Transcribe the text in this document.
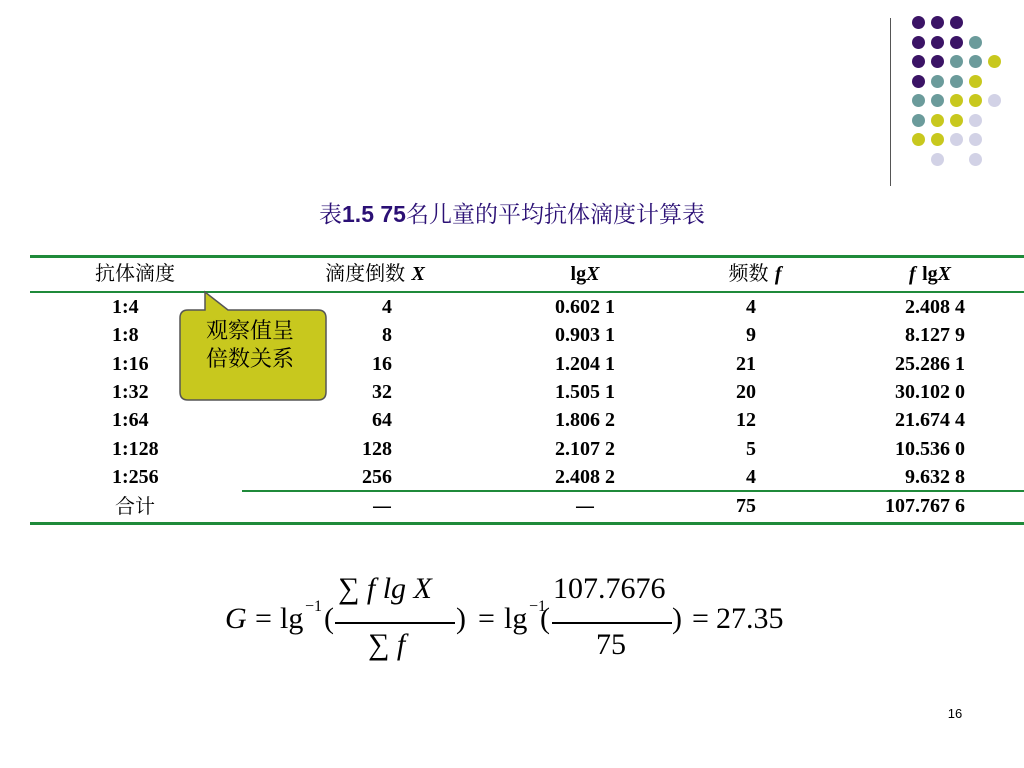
表1.5 75名儿童的平均抗体滴度计算表
抗体滴度	滴度倒数 X	lgX	频数 f	f lgX
1:4	4	0.602 1	4	2.408 4
1:8	8	0.903 1	9	8.127 9
1:16	16	1.204 1	21	25.286 1
1:32	32	1.505 1	20	30.102 0
1:64	64	1.806 2	12	21.674 4
1:128	128	2.107 2	5	10.536 0
1:256	256	2.408 2	4	9.632 8
合计	—	—	75	107.767 6
观察值呈
倍数关系
G = lg −1 (
∑ f lg X
∑ f
) = lg −1
(
107.7676
75
) = 27.35
16
